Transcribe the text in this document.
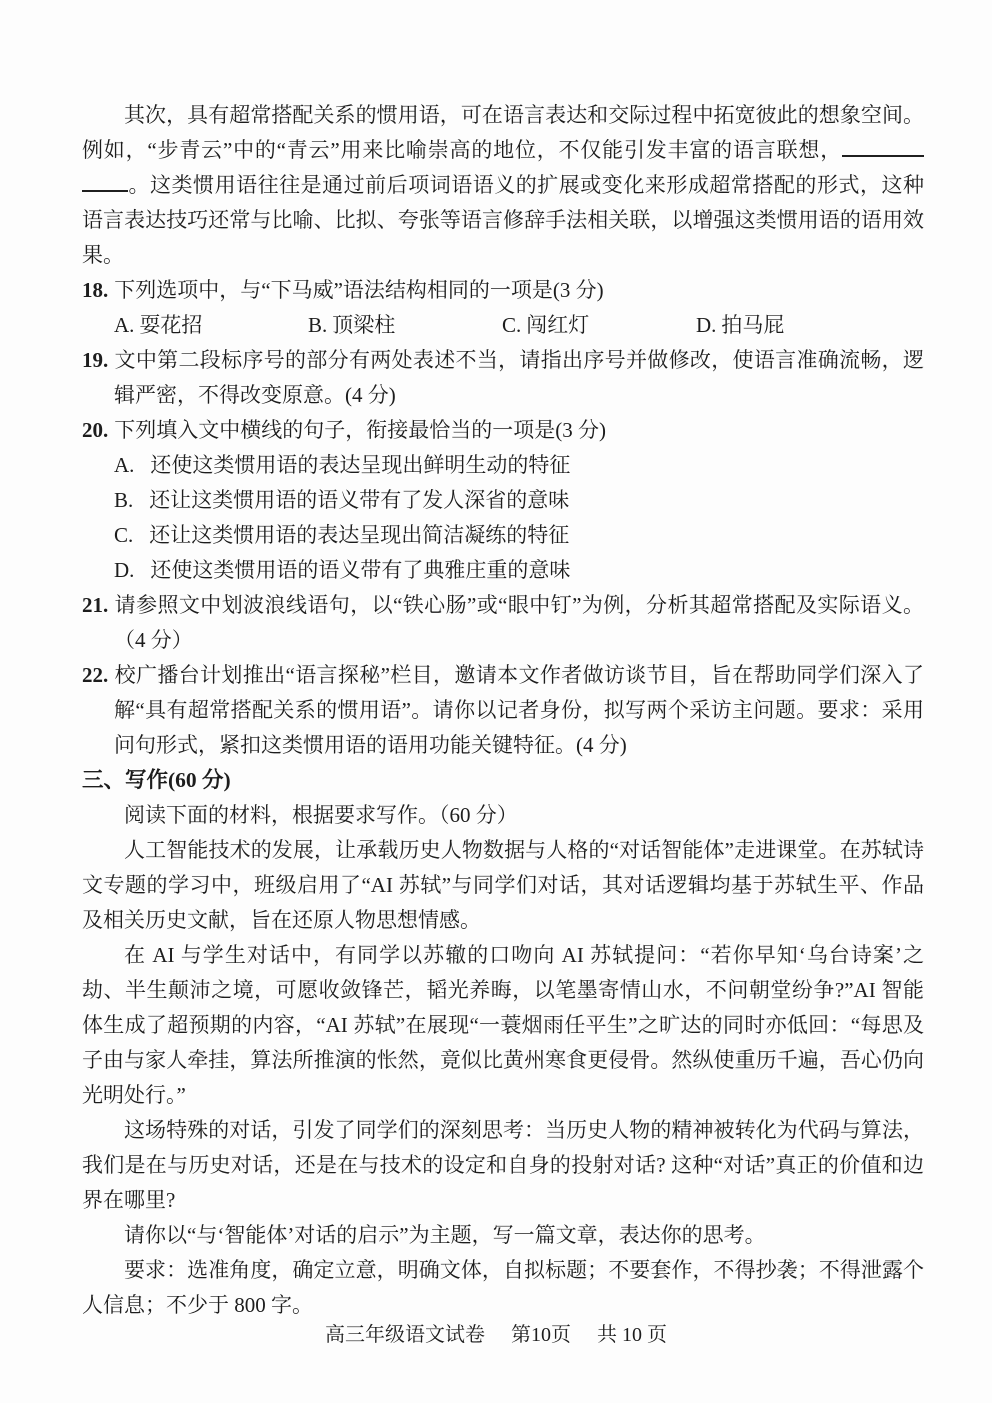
其次，具有超常搭配关系的惯用语，可在语言表达和交际过程中拓宽彼此的想象空间。例如，“步青云”中的“青云”用来比喻崇高的地位，不仅能引发丰富的语言联想，。这类惯用语往往是通过前后项词语语义的扩展或变化来形成超常搭配的形式，这种语言表达技巧还常与比喻、比拟、夸张等语言修辞手法相关联，以增强这类惯用语的语用效果。

18. 下列选项中，与“下马威”语法结构相同的一项是(3 分)

A. 耍花招	B. 顶梁柱	C. 闯红灯	D. 拍马屁

19. 文中第二段标序号的部分有两处表述不当，请指出序号并做修改，使语言准确流畅，逻辑严密，不得改变原意。(4 分)

20. 下列填入文中横线的句子，衔接最恰当的一项是(3 分)

A. 还使这类惯用语的表达呈现出鲜明生动的特征

B. 还让这类惯用语的语义带有了发人深省的意味

C. 还让这类惯用语的表达呈现出简洁凝练的特征

D. 还使这类惯用语的语义带有了典雅庄重的意味

21. 请参照文中划波浪线语句，以“铁心肠”或“眼中钉”为例，分析其超常搭配及实际语义。（4 分）

22. 校广播台计划推出“语言探秘”栏目，邀请本文作者做访谈节目，旨在帮助同学们深入了解“具有超常搭配关系的惯用语”。请你以记者身份，拟写两个采访主问题。要求：采用问句形式，紧扣这类惯用语的语用功能关键特征。(4 分)

三、写作(60 分)

阅读下面的材料，根据要求写作。（60 分）

人工智能技术的发展，让承载历史人物数据与人格的“对话智能体”走进课堂。在苏轼诗文专题的学习中，班级启用了“AI 苏轼”与同学们对话，其对话逻辑均基于苏轼生平、作品及相关历史文献，旨在还原人物思想情感。

在 AI 与学生对话中，有同学以苏辙的口吻向 AI 苏轼提问：“若你早知‘乌台诗案’之劫、半生颠沛之境，可愿收敛锋芒，韬光养晦，以笔墨寄情山水，不问朝堂纷争?”AI 智能体生成了超预期的内容，“AI 苏轼”在展现“一蓑烟雨任平生”之旷达的同时亦低回：“每思及子由与家人牵挂，算法所推演的怅然，竟似比黄州寒食更侵骨。然纵使重历千遍，吾心仍向光明处行。”

这场特殊的对话，引发了同学们的深刻思考：当历史人物的精神被转化为代码与算法，我们是在与历史对话，还是在与技术的设定和自身的投射对话? 这种“对话”真正的价值和边界在哪里?

请你以“与‘智能体’对话的启示”为主题，写一篇文章，表达你的思考。

要求：选准角度，确定立意，明确文体，自拟标题；不要套作，不得抄袭；不得泄露个人信息；不少于 800 字。

高三年级语文试卷 第10页 共 10 页
